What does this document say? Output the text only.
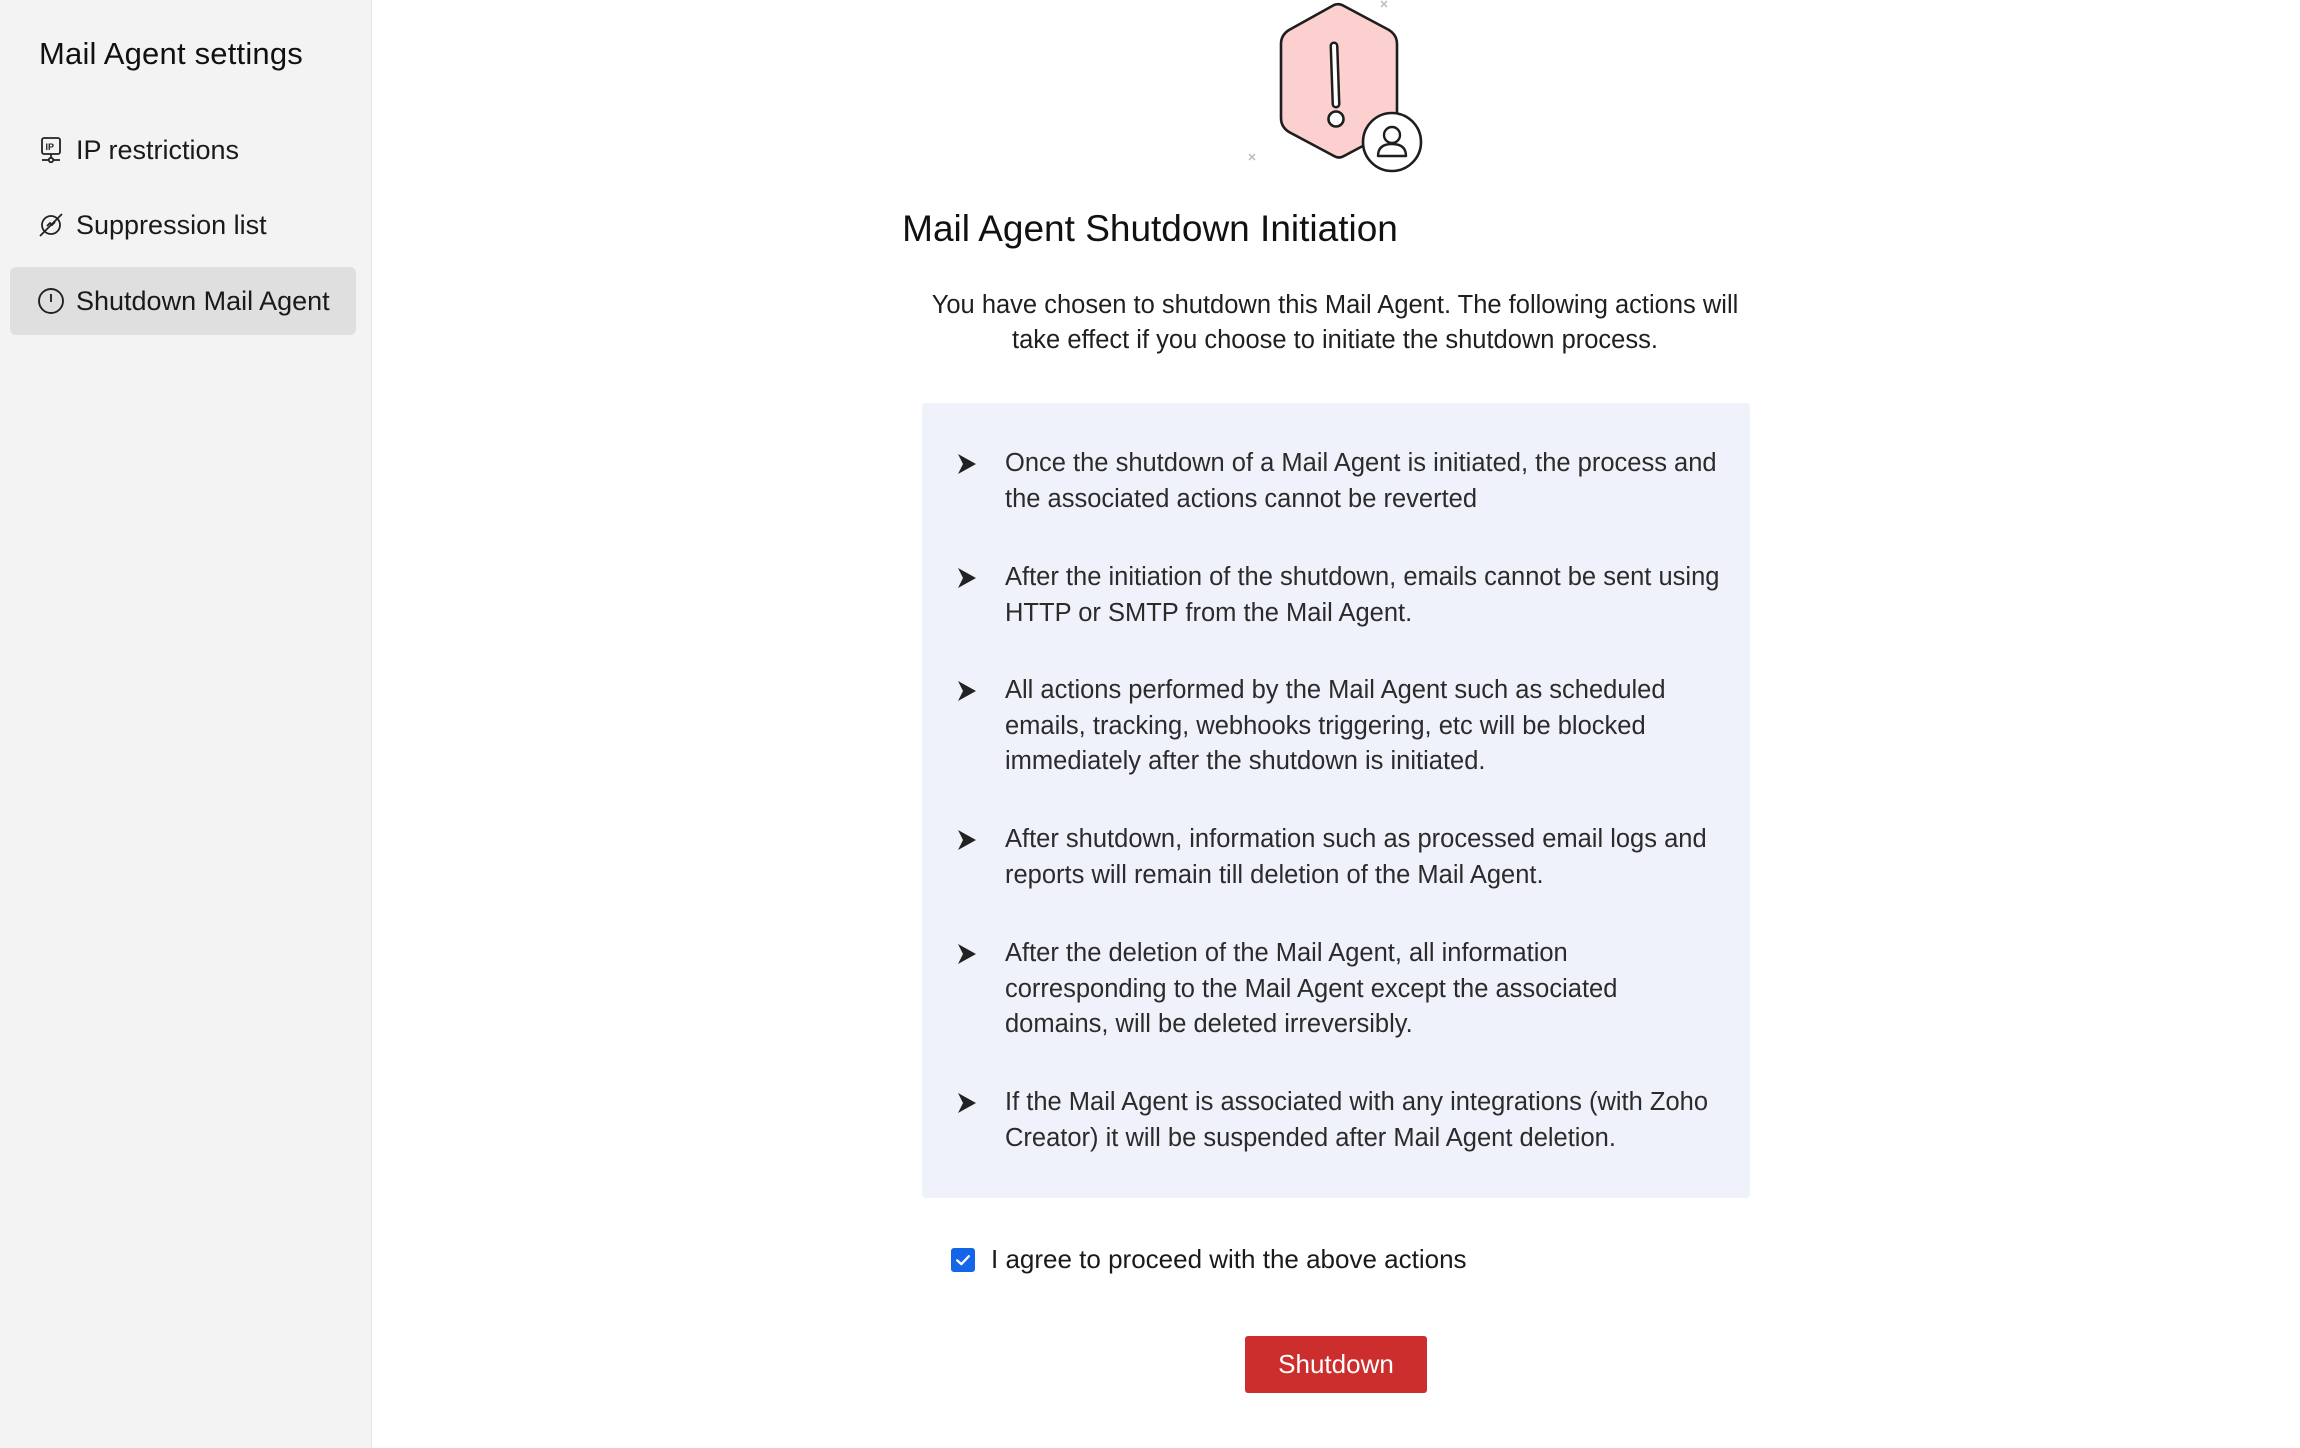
Mail Agent settings
IP IP restrictions
Suppression list
Shutdown Mail Agent
Mail Agent Shutdown Initiation
You have chosen to shutdown this Mail Agent. The following actions will take effect if you choose to initiate the shutdown process.
Once the shutdown of a Mail Agent is initiated, the process and the associated actions cannot be reverted
After the initiation of the shutdown, emails cannot be sent using HTTP or SMTP from the Mail Agent.
All actions performed by the Mail Agent such as scheduled emails, tracking, webhooks triggering, etc will be blocked immediately after the shutdown is initiated.
After shutdown, information such as processed email logs and reports will remain till deletion of the Mail Agent.
After the deletion of the Mail Agent, all information corresponding to the Mail Agent except the associated domains, will be deleted irreversibly.
If the Mail Agent is associated with any integrations (with Zoho Creator) it will be suspended after Mail Agent deletion.
I agree to proceed with the above actions
Shutdown
